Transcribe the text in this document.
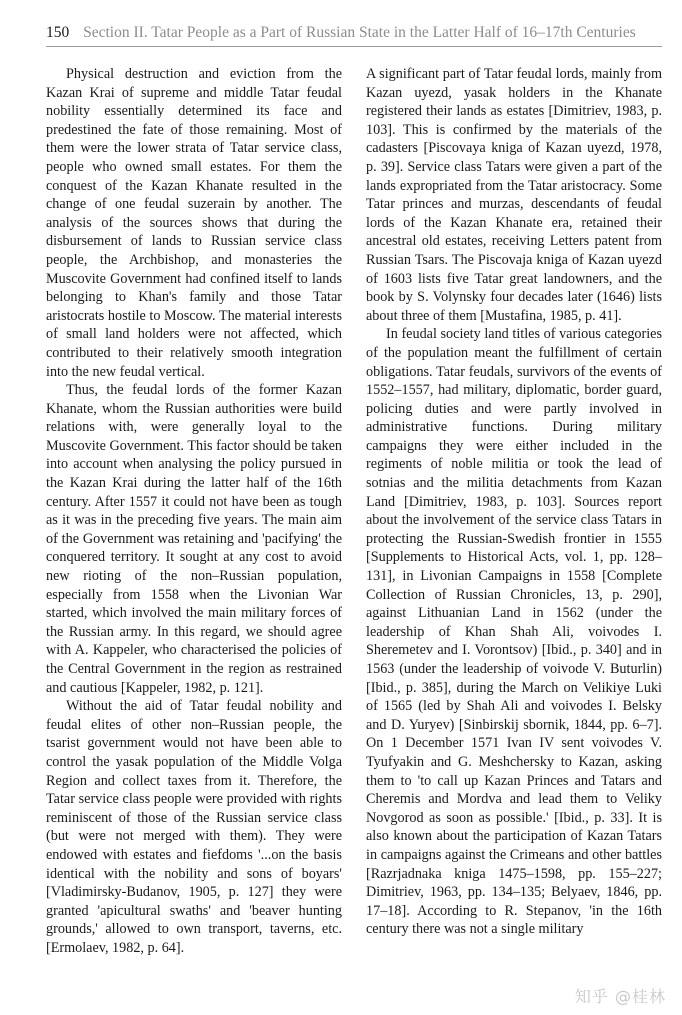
150 Section II. Tatar People as a Part of Russian State in the Latter Half of 16–17th Centuries

Physical destruction and eviction from the Kazan Krai of supreme and middle Tatar feudal nobility essentially determined its face and predestined the fate of those remaining. Most of them were the lower strata of Tatar service class, people who owned small estates. For them the conquest of the Kazan Khanate resulted in the change of one feudal suzerain by another. The analysis of the sources shows that during the disbursement of lands to Russian service class people, the Archbishop, and monasteries the Muscovite Government had confined itself to lands belonging to Khan's family and those Tatar aristocrats hostile to Moscow. The material interests of small land holders were not affected, which contributed to their relatively smooth integration into the new feudal vertical.

Thus, the feudal lords of the former Kazan Khanate, whom the Russian authorities were build relations with, were generally loyal to the Muscovite Government. This factor should be taken into account when analysing the policy pursued in the Kazan Krai during the latter half of the 16th century. After 1557 it could not have been as tough as it was in the preceding five years. The main aim of the Government was retaining and 'pacifying' the conquered territory. It sought at any cost to avoid new rioting of the non–Russian population, especially from 1558 when the Livonian War started, which involved the main military forces of the Russian army. In this regard, we should agree with A. Kappeler, who characterised the policies of the Central Government in the region as restrained and cautious [Kappeler, 1982, p. 121].

Without the aid of Tatar feudal nobility and feudal elites of other non–Russian people, the tsarist government would not have been able to control the yasak population of the Middle Volga Region and collect taxes from it. Therefore, the Tatar service class people were provided with rights reminiscent of those of the Russian service class (but were not merged with them). They were endowed with estates and fiefdoms '...on the basis identical with the nobility and sons of boyars' [Vladimirsky-Budanov, 1905, p. 127] they were granted 'apicultural swaths' and 'beaver hunting grounds,' allowed to own transport, taverns, etc. [Ermolaev, 1982, p. 64].

A significant part of Tatar feudal lords, mainly from Kazan uyezd, yasak holders in the Khanate registered their lands as estates [Dimitriev, 1983, p. 103]. This is confirmed by the materials of the cadasters [Piscovaya kniga of Kazan uyezd, 1978, p. 39]. Service class Tatars were given a part of the lands expropriated from the Tatar aristocracy. Some Tatar princes and murzas, descendants of feudal lords of the Kazan Khanate era, retained their ancestral old estates, receiving Letters patent from Russian Tsars. The Piscovaja kniga of Kazan uyezd of 1603 lists five Tatar great landowners, and the book by S. Volynsky four decades later (1646) lists about three of them [Mustafina, 1985, p. 41].

In feudal society land titles of various categories of the population meant the fulfillment of certain obligations. Tatar feudals, survivors of the events of 1552–1557, had military, diplomatic, border guard, policing duties and were partly involved in administrative functions. During military campaigns they were either included in the regiments of noble militia or took the lead of sotnias and the militia detachments from Kazan Land [Dimitriev, 1983, p. 103]. Sources report about the involvement of the service class Tatars in protecting the Russian-Swedish frontier in 1555 [Supplements to Historical Acts, vol. 1, pp. 128–131], in Livonian Campaigns in 1558 [Complete Collection of Russian Chronicles, 13, p. 290], against Lithuanian Land in 1562 (under the leadership of Khan Shah Ali, voivodes I. Sheremetev and I. Vorontsov) [Ibid., p. 340] and in 1563 (under the leadership of voivode V. Buturlin) [Ibid., p. 385], during the March on Velikiye Luki of 1565 (led by Shah Ali and voivodes I. Belsky and D. Yuryev) [Sinbirskij sbornik, 1844, pp. 6–7]. On 1 December 1571 Ivan IV sent voivodes V. Tyufyakin and G. Meshchersky to Kazan, asking them to 'to call up Kazan Princes and Tatars and Cheremis and Mordva and lead them to Veliky Novgorod as soon as possible.' [Ibid., p. 33]. It is also known about the participation of Kazan Tatars in campaigns against the Crimeans and other battles [Razrjadnaka kniga 1475–1598, pp. 155–227; Dimitriev, 1963, pp. 134–135; Belyaev, 1846, pp. 17–18]. According to R. Stepanov, 'in the 16th century there was not a single military

知乎 @桂林
